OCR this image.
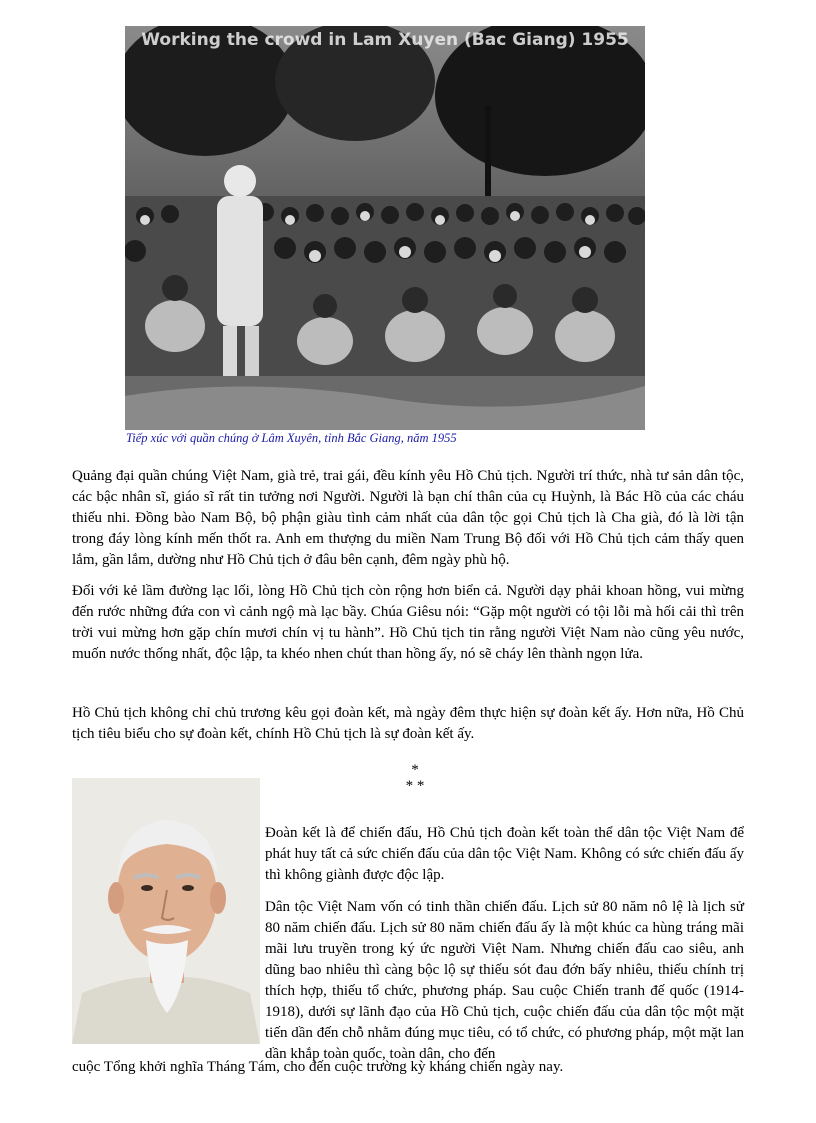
Working the crowd in Lam Xuyen (Bac Giang) 1955
Tiếp xúc với quần chúng ở Lâm Xuyên, tỉnh Bắc Giang, năm 1955

Quảng đại quần chúng Việt Nam, già trẻ, trai gái, đều kính yêu Hồ Chủ tịch. Người trí thức, nhà tư sản dân tộc, các bậc nhân sĩ, giáo sĩ rất tin tưởng nơi Người. Người là bạn chí thân của cụ Huỳnh, là Bác Hồ của các cháu thiếu nhi. Đồng bào Nam Bộ, bộ phận giàu tình cảm nhất của dân tộc gọi Chủ tịch là Cha già, đó là lời tận trong đáy lòng kính mến thốt ra. Anh em thượng du miền Nam Trung Bộ đối với Hồ Chủ tịch cảm thấy quen lắm, gần lắm, dường như Hồ Chủ tịch ở đâu bên cạnh, đêm ngày phù hộ.

Đối với kẻ lầm đường lạc lối, lòng Hồ Chủ tịch còn rộng hơn biển cả. Người dạy phải khoan hồng, vui mừng đến rước những đứa con vì cảnh ngộ mà lạc bầy. Chúa Giêsu nói: “Gặp một người có tội lỗi mà hối cải thì trên trời vui mừng hơn gặp chín mươi chín vị tu hành”. Hồ Chủ tịch tin rằng người Việt Nam nào cũng yêu nước, muốn nước thống nhất, độc lập, ta khéo nhen chút than hồng ấy, nó sẽ cháy lên thành ngọn lửa.

Hồ Chủ tịch không chỉ chủ trương kêu gọi đoàn kết, mà ngày đêm thực hiện sự đoàn kết ấy. Hơn nữa, Hồ Chủ tịch tiêu biểu cho sự đoàn kết, chính Hồ Chủ tịch là sự đoàn kết ấy.

*
* *

Đoàn kết là để chiến đấu, Hồ Chủ tịch đoàn kết toàn thể dân tộc Việt Nam để phát huy tất cả sức chiến đấu của dân tộc Việt Nam. Không có sức chiến đấu ấy thì không giành được độc lập.

Dân tộc Việt Nam vốn có tinh thần chiến đấu. Lịch sử 80 năm nô lệ là lịch sử 80 năm chiến đấu. Lịch sử 80 năm chiến đấu ấy là một khúc ca hùng tráng mãi mãi lưu truyền trong ký ức người Việt Nam. Nhưng chiến đấu cao siêu, anh dũng bao nhiêu thì càng bộc lộ sự thiếu sót đau đớn bấy nhiêu, thiếu chính trị thích hợp, thiếu tổ chức, phương pháp. Sau cuộc Chiến tranh đế quốc (1914-1918), dưới sự lãnh đạo của Hồ Chủ tịch, cuộc chiến đấu của dân tộc một mặt tiến dần đến chỗ nhằm đúng mục tiêu, có tổ chức, có phương pháp, một mặt lan dần khắp toàn quốc, toàn dân, cho đến

cuộc Tổng khởi nghĩa Tháng Tám, cho đến cuộc trường kỳ kháng chiến ngày nay.
